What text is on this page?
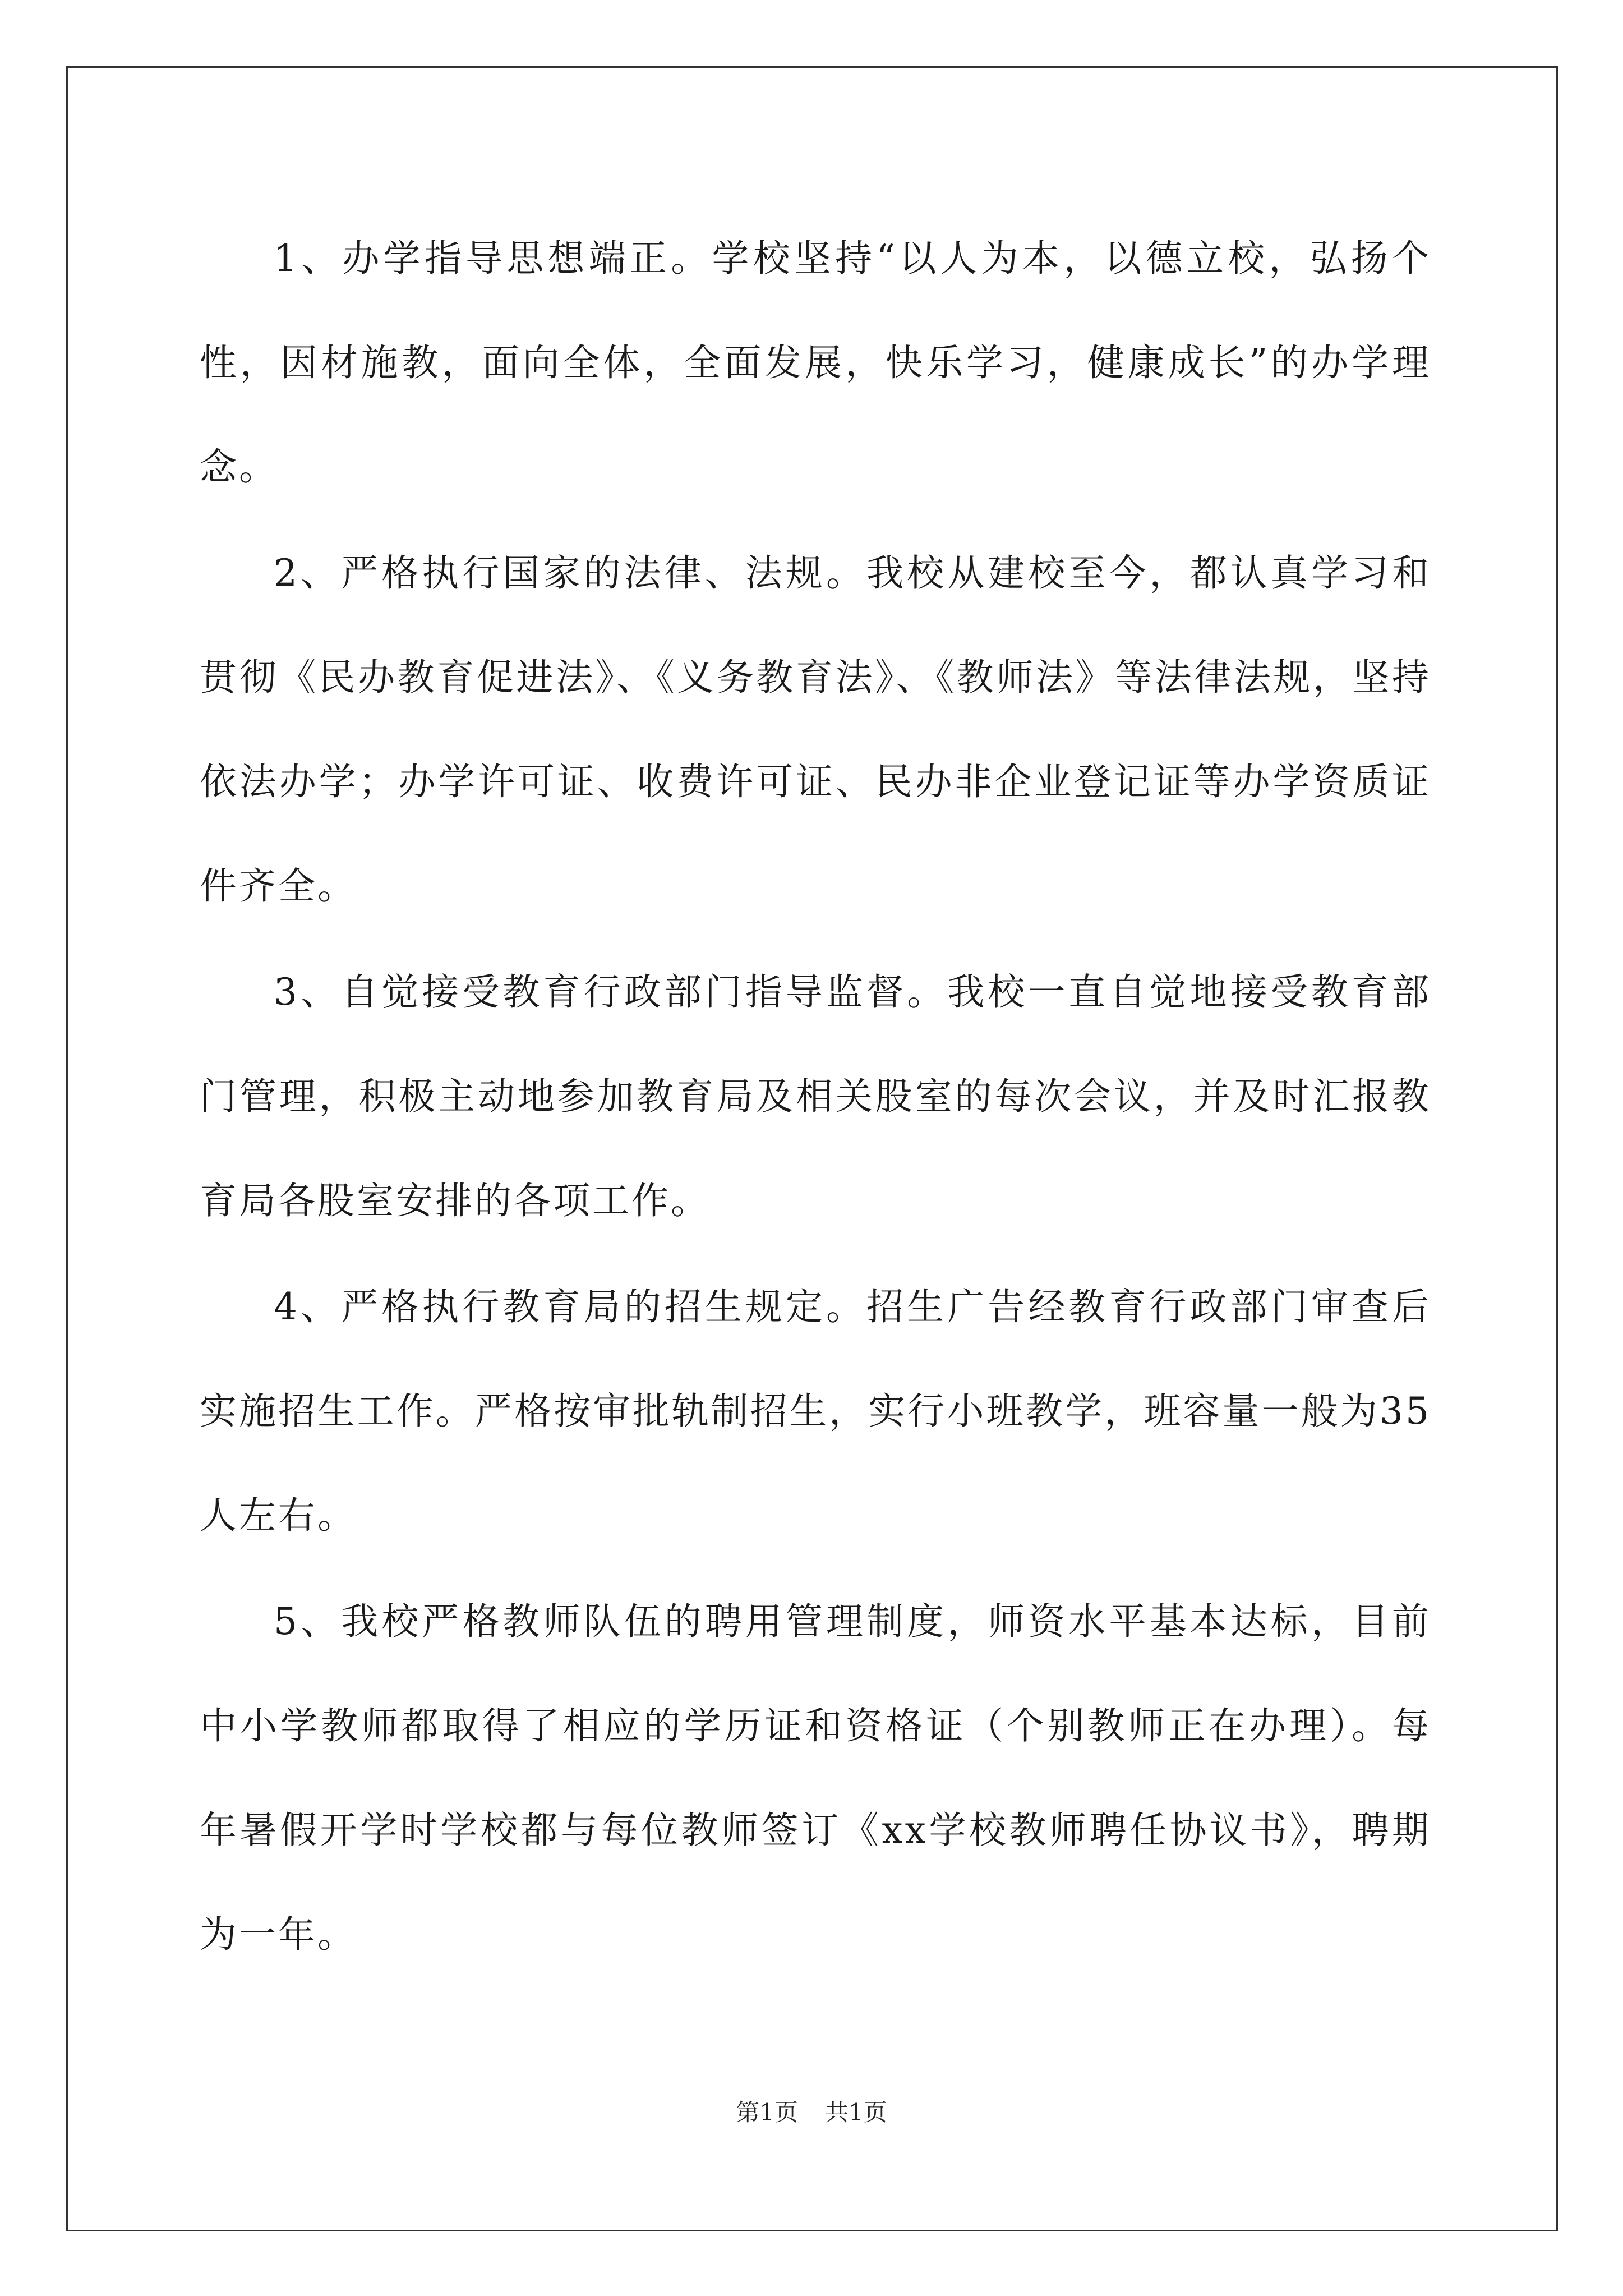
1、办学指导思想端正。学校坚持“以人为本，以德立校，弘扬个性，因材施教，面向全体，全面发展，快乐学习，健康成长”的办学理念。

2、严格执行国家的法律、法规。我校从建校至今，都认真学习和贯彻《民办教育促进法》、《义务教育法》、《教师法》等法律法规，坚持依法办学；办学许可证、收费许可证、民办非企业登记证等办学资质证件齐全。

3、自觉接受教育行政部门指导监督。我校一直自觉地接受教育部门管理，积极主动地参加教育局及相关股室的每次会议，并及时汇报教育局各股室安排的各项工作。

4、严格执行教育局的招生规定。招生广告经教育行政部门审查后实施招生工作。严格按审批轨制招生，实行小班教学，班容量一般为35人左右。

5、我校严格教师队伍的聘用管理制度，师资水平基本达标，目前中小学教师都取得了相应的学历证和资格证（个别教师正在办理）。每年暑假开学时学校都与每位教师签订《xx学校教师聘任协议书》，聘期为一年。

第1页 共1页
